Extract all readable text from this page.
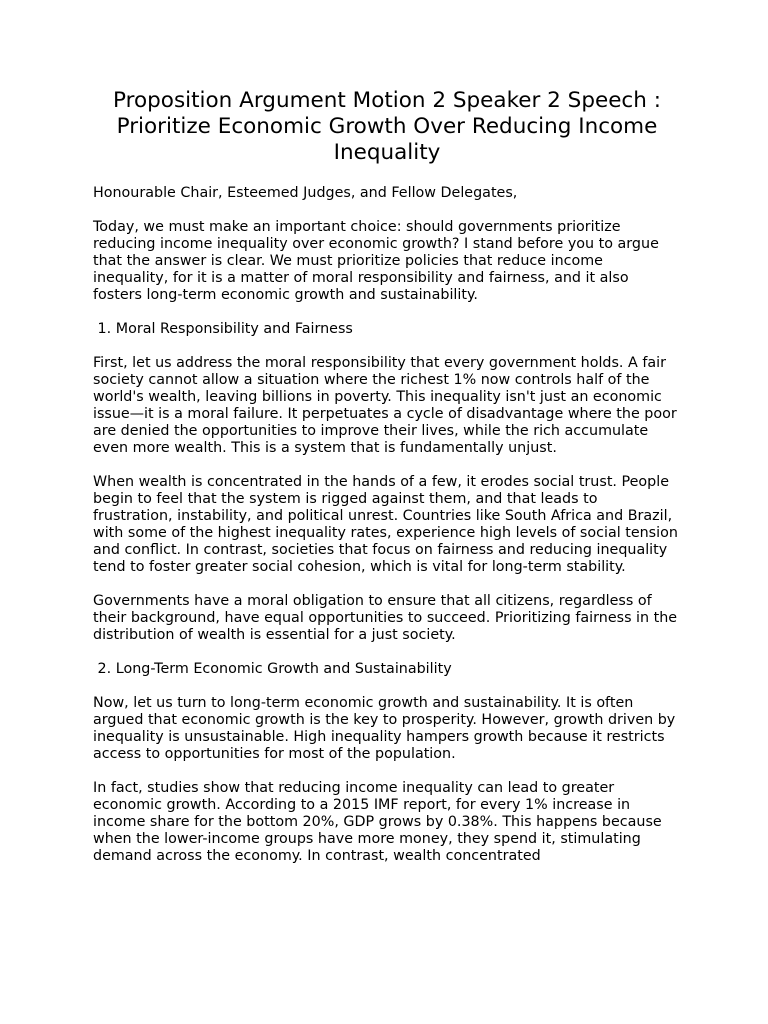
Proposition Argument Motion 2 Speaker 2 Speech : Prioritize Economic Growth Over Reducing Income Inequality

Honourable Chair, Esteemed Judges, and Fellow Delegates,

Today, we must make an important choice: should governments prioritize reducing income inequality over economic growth? I stand before you to argue that the answer is clear. We must prioritize policies that reduce income inequality, for it is a matter of moral responsibility and fairness, and it also fosters long-term economic growth and sustainability.

1. Moral Responsibility and Fairness

First, let us address the moral responsibility that every government holds. A fair society cannot allow a situation where the richest 1% now controls half of the world's wealth, leaving billions in poverty. This inequality isn't just an economic issue—it is a moral failure. It perpetuates a cycle of disadvantage where the poor are denied the opportunities to improve their lives, while the rich accumulate even more wealth. This is a system that is fundamentally unjust.

When wealth is concentrated in the hands of a few, it erodes social trust. People begin to feel that the system is rigged against them, and that leads to frustration, instability, and political unrest. Countries like South Africa and Brazil, with some of the highest inequality rates, experience high levels of social tension and conflict. In contrast, societies that focus on fairness and reducing inequality tend to foster greater social cohesion, which is vital for long-term stability.

Governments have a moral obligation to ensure that all citizens, regardless of their background, have equal opportunities to succeed. Prioritizing fairness in the distribution of wealth is essential for a just society.

2. Long-Term Economic Growth and Sustainability

Now, let us turn to long-term economic growth and sustainability. It is often argued that economic growth is the key to prosperity. However, growth driven by inequality is unsustainable. High inequality hampers growth because it restricts access to opportunities for most of the population.

In fact, studies show that reducing income inequality can lead to greater economic growth. According to a 2015 IMF report, for every 1% increase in income share for the bottom 20%, GDP grows by 0.38%. This happens because when the lower-income groups have more money, they spend it, stimulating demand across the economy. In contrast, wealth concentrated
